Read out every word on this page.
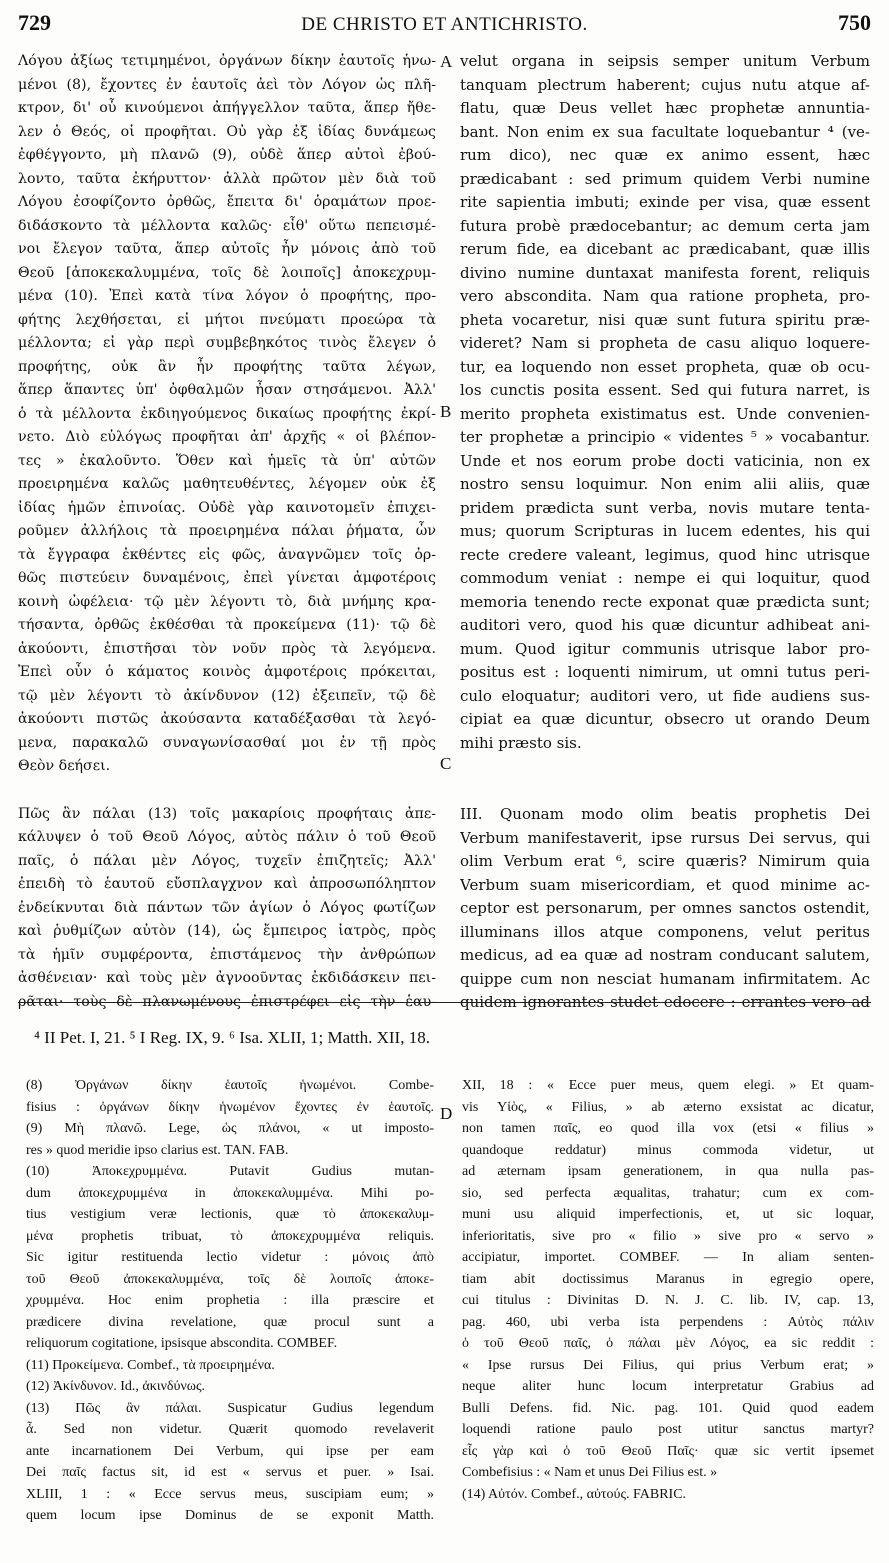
729	DE CHRISTO ET ANTICHRISTO.	750
Λόγου ἀξίως τετιμημένοι, ὀργάνων δίκην ἑαυτοῖς ἡνω-
μένοι (8), ἔχοντες ἐν ἑαυτοῖς ἀεὶ τὸν Λόγον ὡς πλῆ-
κτρον, δι' οὗ κινούμενοι ἀπήγγελλον ταῦτα, ἅπερ ἤθε-
λεν ὁ Θεός, οἱ προφῆται. Οὐ γὰρ ἐξ ἰδίας δυνάμεως
ἐφθέγγοντο, μὴ πλανῶ (9), οὐδὲ ἅπερ αὐτοὶ ἐβού-
λοντο, ταῦτα ἐκήρυττον· ἀλλὰ πρῶτον μὲν διὰ τοῦ
Λόγου ἐσοφίζοντο ὀρθῶς, ἔπειτα δι' ὁραμάτων προε-
διδάσκοντο τὰ μέλλοντα καλῶς· εἶθ' οὕτω πεπεισμέ-
νοι ἔλεγον ταῦτα, ἅπερ αὐτοῖς ἦν μόνοις ἀπὸ τοῦ
Θεοῦ [ἀποκεκαλυμμένα, τοῖς δὲ λοιποῖς] ἀποκεχρυμ-
μένα (10). Ἐπεὶ κατὰ τίνα λόγον ὁ προφήτης, προ-
φήτης λεχθήσεται, εἰ μήτοι πνεύματι προεώρα τὰ
μέλλοντα; εἰ γὰρ περὶ συμβεβηκότος τινὸς ἔλεγεν ὁ
προφήτης, οὐκ ἂν ἦν προφήτης ταῦτα λέγων,
ἅπερ ἅπαντες ὑπ' ὀφθαλμῶν ἦσαν στησάμενοι. Ἀλλ'
ὁ τὰ μέλλοντα ἐκδιηγούμενος δικαίως προφήτης ἐκρί-
νετο. Διὸ εὐλόγως προφῆται ἀπ' ἀρχῆς « οἱ βλέπον-
τες » ἐκαλοῦντο. Ὅθεν καὶ ἡμεῖς τὰ ὑπ' αὐτῶν
προειρημένα καλῶς μαθητευθέντες, λέγομεν οὐκ ἐξ
ἰδίας ἡμῶν ἐπινοίας. Οὐδὲ γὰρ καινοτομεῖν ἐπιχει-
ροῦμεν ἀλλήλοις τὰ προειρημένα πάλαι ῥήματα, ὧν
τὰ ἔγγραφα ἐκθέντες εἰς φῶς, ἀναγνῶμεν τοῖς ὀρ-
θῶς πιστεύειν δυναμένοις, ἐπεὶ γίνεται ἀμφοτέροις
κοινὴ ὠφέλεια· τῷ μὲν λέγοντι τὸ, διὰ μνήμης κρα-
τήσαντα, ὀρθῶς ἐκθέσθαι τὰ προκείμενα (11)· τῷ δὲ
ἀκούοντι, ἐπιστῆσαι τὸν νοῦν πρὸς τὰ λεγόμενα.
Ἐπεὶ οὖν ὁ κάματος κοινὸς ἀμφοτέροις πρόκειται,
τῷ μὲν λέγοντι τὸ ἀκίνδυνον (12) ἐξειπεῖν, τῷ δὲ
ἀκούοντι πιστῶς ἀκούσαντα καταδέξασθαι τὰ λεγό-
μενα, παρακαλῶ συναγωνίσασθαί μοι ἐν τῇ πρὸς
Θεὸν δεήσει.
Πῶς ἂν πάλαι (13) τοῖς μακαρίοις προφήταις ἀπε-
κάλυψεν ὁ τοῦ Θεοῦ Λόγος, αὐτὸς πάλιν ὁ τοῦ Θεοῦ
παῖς, ὁ πάλαι μὲν Λόγος, τυχεῖν ἐπιζητεῖς; Ἀλλ'
ἐπειδὴ τὸ ἑαυτοῦ εὔσπλαγχνον καὶ ἀπροσωπόληπτον
ἐνδείκνυται διὰ πάντων τῶν ἁγίων ὁ Λόγος φωτίζων
καὶ ῥυθμίζων αὐτὸν (14), ὡς ἔμπειρος ἰατρὸς, πρὸς
τὰ ἡμῖν συμφέροντα, ἐπιστάμενος τὴν ἀνθρώπων
ἀσθένειαν· καὶ τοὺς μὲν ἀγνοοῦντας ἐκδιδάσκειν πει-
ρᾶται· τοὺς δὲ πλανωμένους ἐπιστρέφει εἰς τὴν ἑαυ-
velut organa in seipsis semper unitum Verbum
tanquam plectrum haberent; cujus nutu atque af-
flatu, quæ Deus vellet hæc prophetæ annuntia-
bant. Non enim ex sua facultate loquebantur ⁴ (ve-
rum dico), nec quæ ex animo essent, hæc
prædicabant : sed primum quidem Verbi numine
rite sapientia imbuti; exinde per visa, quæ essent
futura probè prædocebantur; ac demum certa jam
rerum fide, ea dicebant ac prædicabant, quæ illis
divino numine duntaxat manifesta forent, reliquis
vero abscondita. Nam qua ratione propheta, pro-
pheta vocaretur, nisi quæ sunt futura spiritu præ-
videret? Nam si propheta de casu aliquo loquere-
tur, ea loquendo non esset propheta, quæ ob ocu-
los cunctis posita essent. Sed qui futura narret, is
merito propheta existimatus est. Unde convenien-
ter prophetæ a principio « videntes ⁵ » vocabantur.
Unde et nos eorum probe docti vaticinia, non ex
nostro sensu loquimur. Non enim alii aliis, quæ
pridem prædicta sunt verba, novis mutare tenta-
mus; quorum Scripturas in lucem edentes, his qui
recte credere valeant, legimus, quod hinc utrisque
commodum veniat : nempe ei qui loquitur, quod
memoria tenendo recte exponat quæ prædicta sunt;
auditori vero, quod his quæ dicuntur adhibeat ani-
mum. Quod igitur communis utrisque labor pro-
positus est : loquenti nimirum, ut omni tutus peri-
culo eloquatur; auditori vero, ut fide audiens sus-
cipiat ea quæ dicuntur, obsecro ut orando Deum
mihi præsto sis.
III. Quonam modo olim beatis prophetis Dei
Verbum manifestaverit, ipse rursus Dei servus, qui
olim Verbum erat ⁶, scire quæris? Nimirum quia
Verbum suam misericordiam, et quod minime ac-
ceptor est personarum, per omnes sanctos ostendit,
illuminans illos atque componens, velut peritus
medicus, ad ea quæ ad nostram conducant salutem,
quippe cum non nesciat humanam infirmitatem. Ac
quidem ignorantes studet edocere : errantes vero ad
A
B
C
D
⁴ II Pet. I, 21. ⁵ I Reg. IX, 9. ⁶ Isa. XLII, 1; Matth. XII, 18.
(8) Ὀργάνων δίκην ἑαυτοῖς ἡνωμένοι. Combe-
fisius : ὀργάνων δίκην ἡνωμένον ἔχοντες ἐν ἑαυτοῖς.
(9) Μὴ πλανῶ. Lege, ὡς πλάνοι, « ut imposto-
res » quod meridie ipso clarius est. TAN. FAB.
(10) Ἀποκεχρυμμένα. Putavit Gudius mutan-
dum ἀποκεχρυμμένα in ἀποκεκαλυμμένα. Mihi po-
tius vestigium veræ lectionis, quæ τὸ ἀποκεκαλυμ-
μένα prophetis tribuat, τὸ ἀποκεχρυμμένα reliquis.
Sic igitur restituenda lectio videtur : μόνοις ἀπὸ
τοῦ Θεοῦ ἀποκεκαλυμμένα, τοῖς δὲ λοιποῖς ἀποκε-
χρυμμένα. Hoc enim prophetia : illa præscire et
prædicere divina revelatione, quæ procul sunt a
reliquorum cogitatione, ipsisque abscondita. COMBEF.
(11) Προκείμενα. Combef., τὰ προειρημένα.
(12) Ἀκίνδυνον. Id., ἀκινδύνως.
(13) Πῶς ἂν πάλαι. Suspicatur Gudius legendum
ἆ. Sed non videtur. Quærit quomodo revelaverit
ante incarnationem Dei Verbum, qui ipse per eam
Dei παῖς factus sit, id est « servus et puer. » Isai.
XLIII, 1 : « Ecce servus meus, suscipiam eum; »
quem locum ipse Dominus de se exponit Matth.
XII, 18 : « Ecce puer meus, quem elegi. » Et quam-
vis Υἱὸς, « Filius, » ab æterno exsistat ac dicatur,
non tamen παῖς, eo quod illa vox (etsi « filius »
quandoque reddatur) minus commoda videtur, ut
ad æternam ipsam generationem, in qua nulla pas-
sio, sed perfecta æqualitas, trahatur; cum ex com-
muni usu aliquid imperfectionis, et, ut sic loquar,
inferioritatis, sive pro « filio » sive pro « servo »
accipiatur, importet. COMBEF. — In aliam senten-
tiam abit doctissimus Maranus in egregio opere,
cui titulus : Divinitas D. N. J. C. lib. IV, cap. 13,
pag. 460, ubi verba ista perpendens : Αὐτὸς πάλιν
ὁ τοῦ Θεοῦ παῖς, ὁ πάλαι μὲν Λόγος, ea sic reddit :
« Ipse rursus Dei Filius, qui prius Verbum erat; »
neque aliter hunc locum interpretatur Grabius ad
Bulli Defens. fid. Nic. pag. 101. Quid quod eadem
loquendi ratione paulo post utitur sanctus martyr?
εἷς γὰρ καὶ ὁ τοῦ Θεοῦ Παῖς· quæ sic vertit ipsemet
Combefisius : « Nam et unus Dei Filius est. »
(14) Αὐτόν. Combef., αὐτούς. FABRIC.
